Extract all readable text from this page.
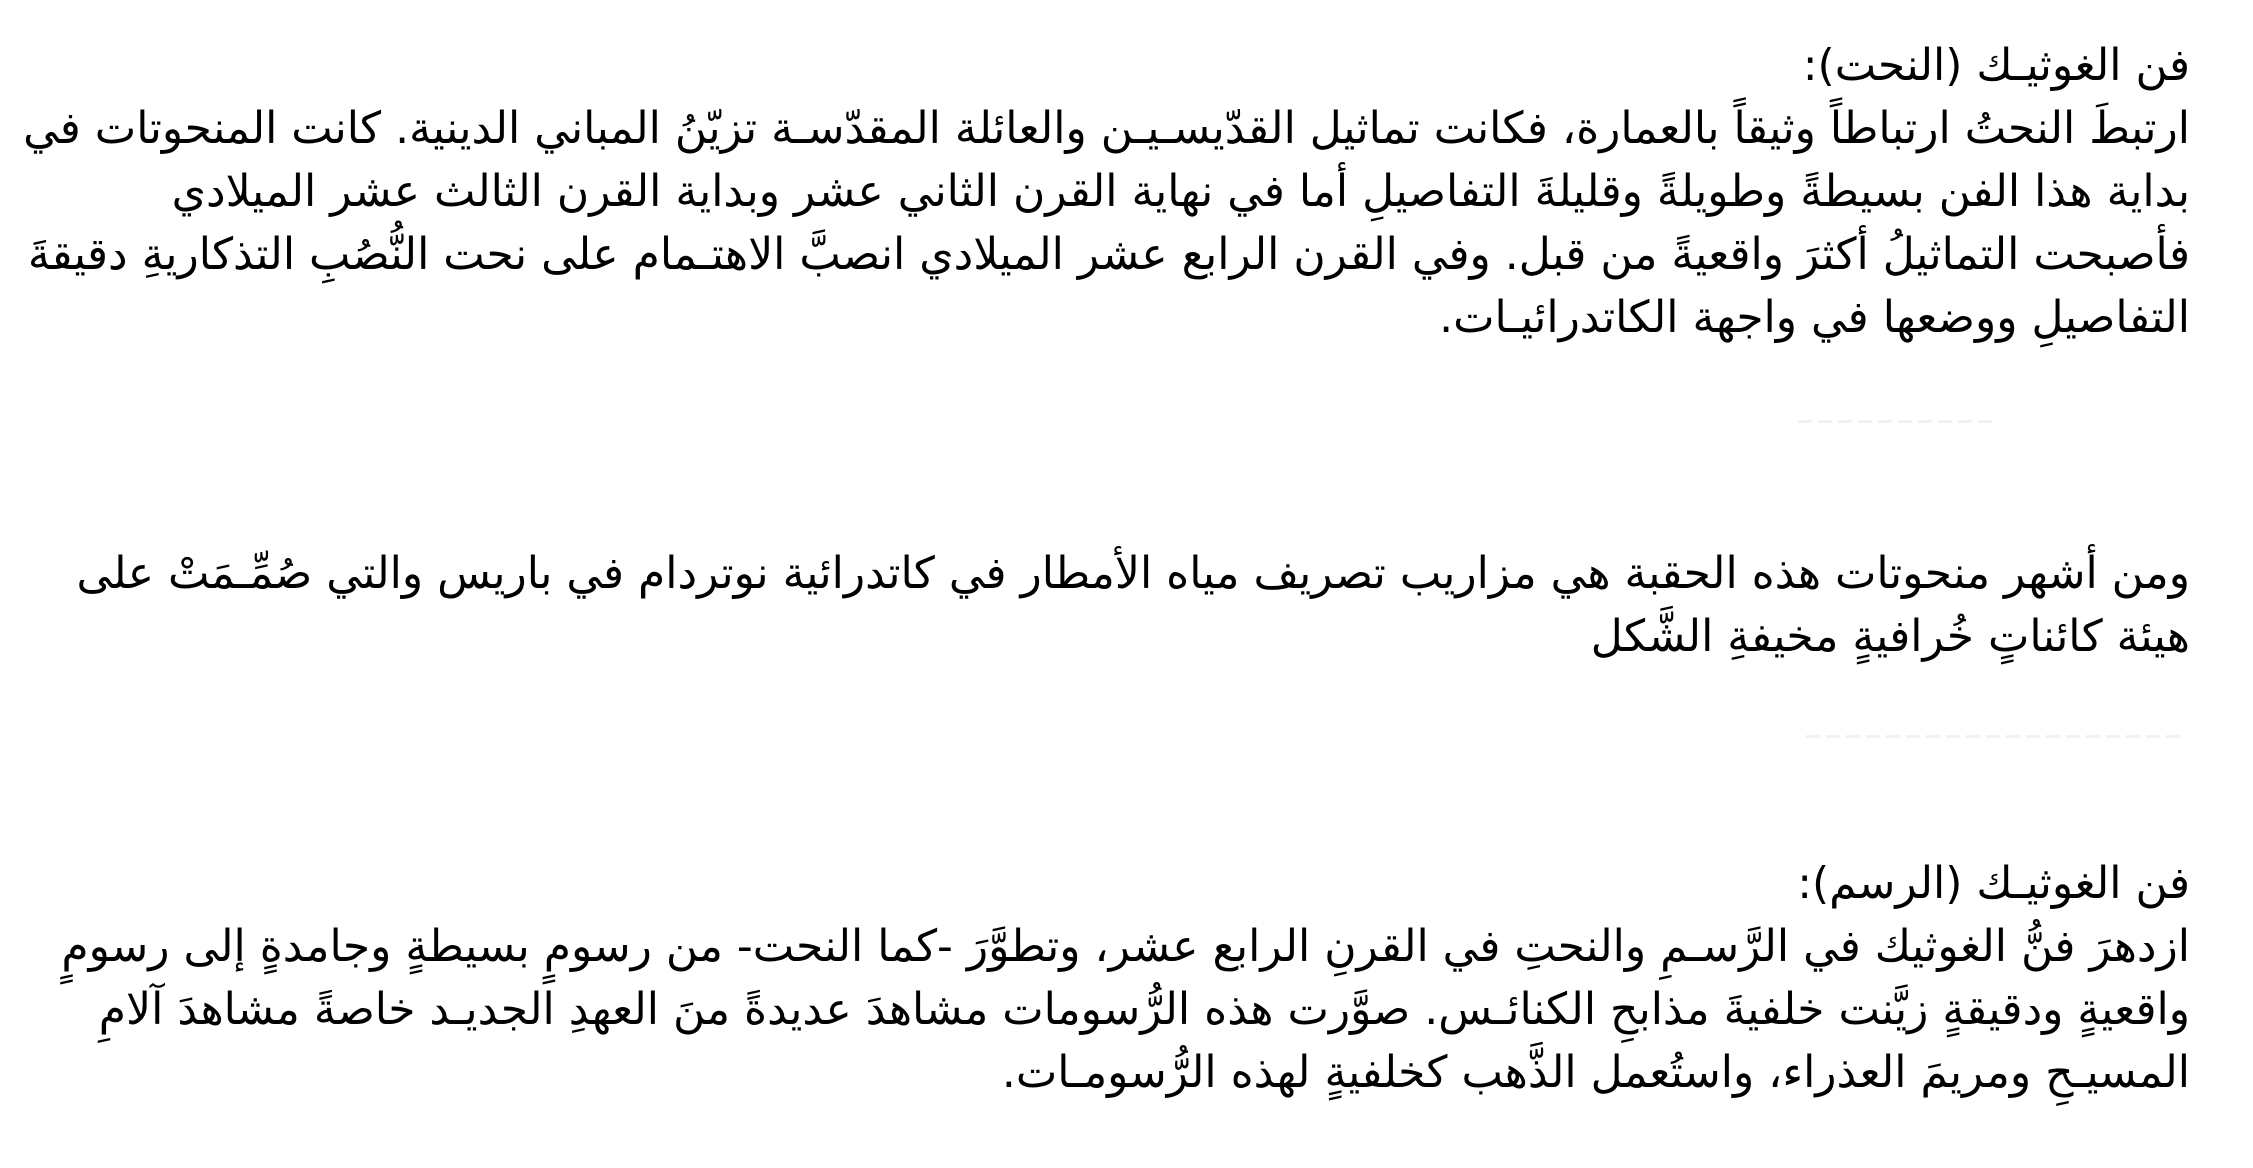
فن الغوثيـك (النحت):
ارتبطَ النحتُ ارتباطاً وثيقاً بالعمارة، فكانت تماثيل القدّيسـيـن والعائلة المقدّسـة تزيّنُ المباني الدينية. كانت المنحوتات في بداية هذا الفن بسيطةً وطويلةً وقليلةَ التفاصيلِ أما في نهاية القرن الثاني عشر وبداية القرن الثالث عشر الميلادي فأصبحت التماثيلُ أكثرَ واقعيةً من قبل. وفي القرن الرابع عشر الميلادي انصبَّ الاهتـمام على نحت النُّصُبِ التذكاريةِ دقيقةَ التفاصيلِ ووضعها في واجهة الكاتدرائيـات.
ومن أشهر منحوتات هذه الحقبة هي مزاريب تصريف مياه الأمطار في كاتدرائية نوتردام في باريس والتي صُمِّـمَتْ على هيئة كائناتٍ خُرافيةٍ مخيفةِ الشَّكل
فن الغوثيـك (الرسم):
ازدهرَ فنُّ الغوثيك في الرَّسـمِ والنحتِ في القرنِ الرابع عشر، وتطوَّرَ -كما النحت- من رسومٍ بسيطةٍ وجامدةٍ إلى رسومٍ واقعيةٍ ودقيقةٍ زيَّنت خلفيةَ مذابحِ الكنائـس. صوَّرت هذه الرُّسومات مشاهدَ عديدةً منَ العهدِ الجديـد خاصةً مشاهدَ آلامِ المسيـحِ ومريمَ العذراء، واستُعمل الذَّهب كخلفيةٍ لهذه الرُّسومـات.
